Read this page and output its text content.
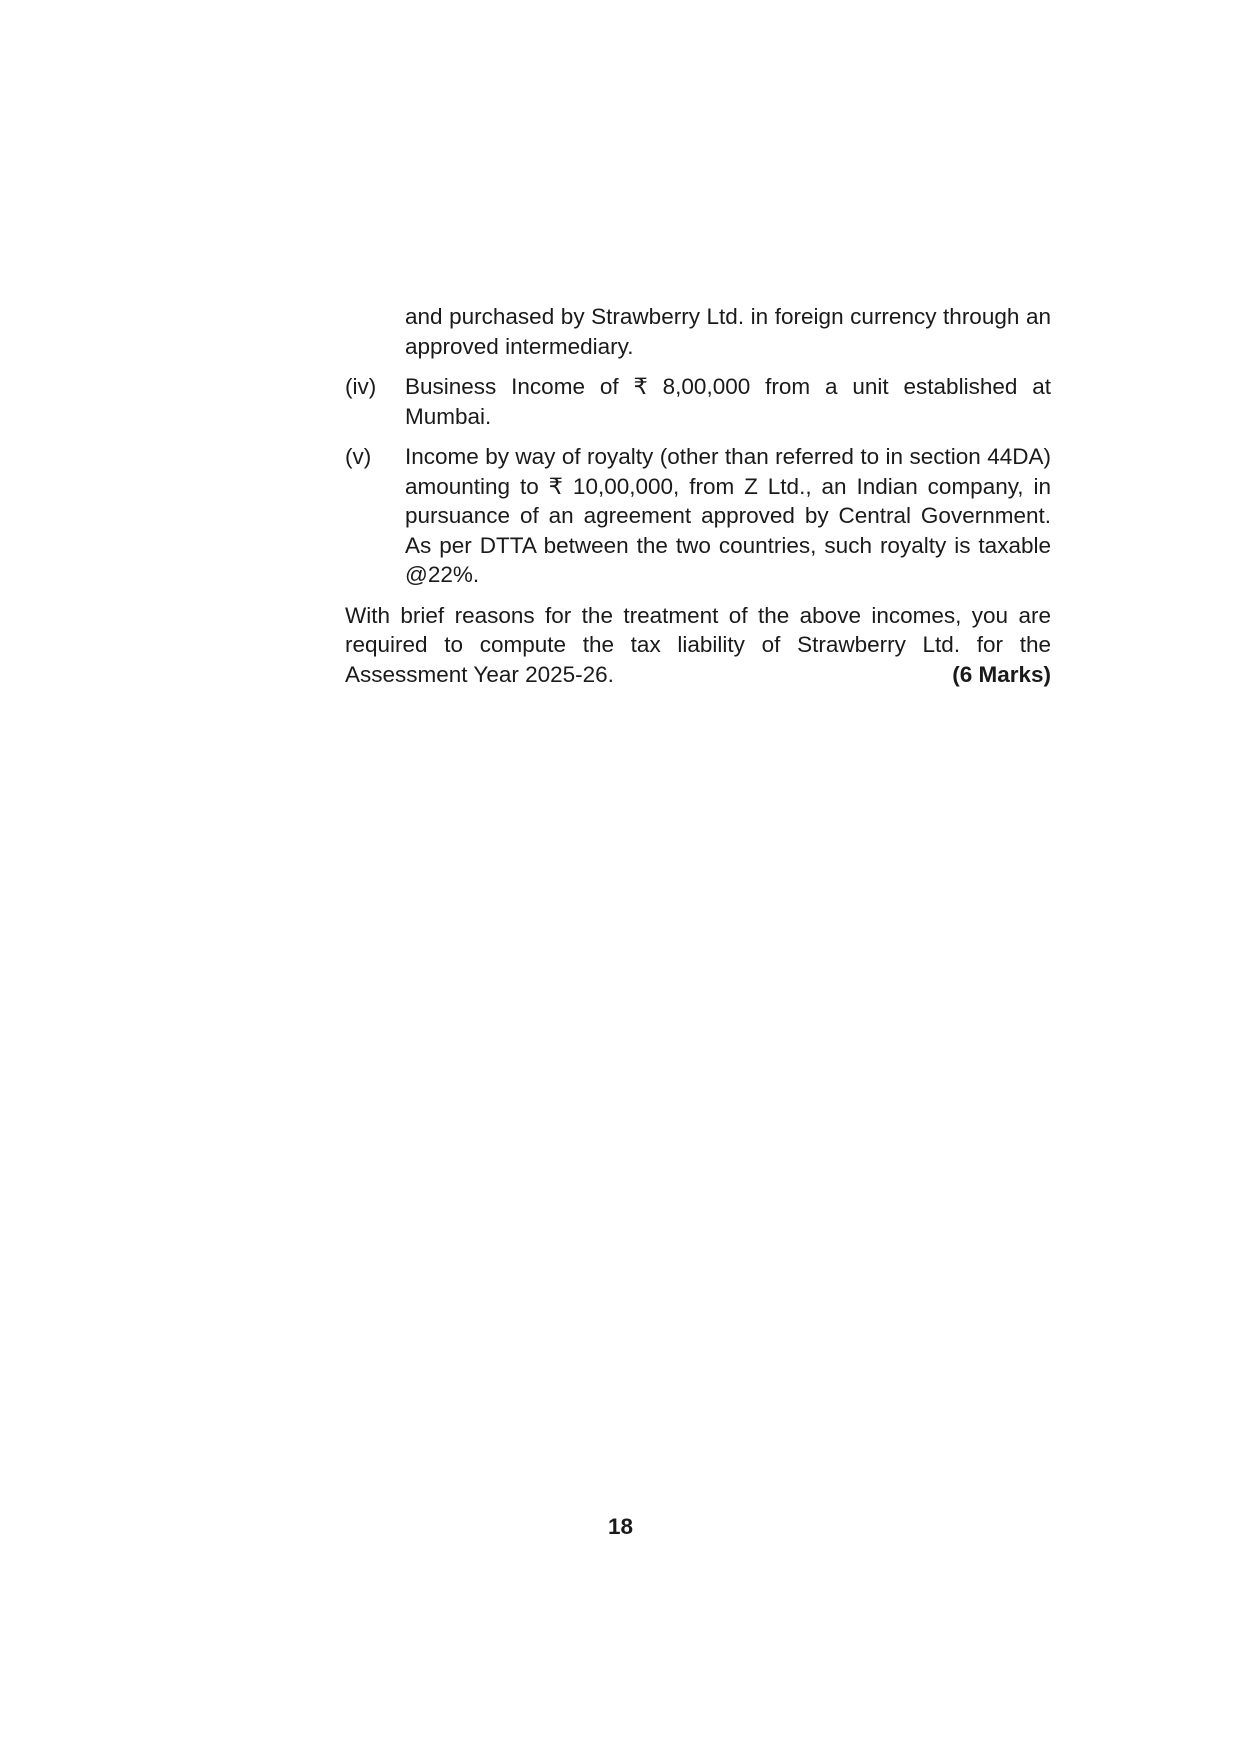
and purchased by Strawberry Ltd. in foreign currency through an approved intermediary.
(iv)	Business Income of ₹ 8,00,000 from a unit established at Mumbai.
(v)	Income by way of royalty (other than referred to in section 44DA) amounting to ₹ 10,00,000, from Z Ltd., an Indian company, in pursuance of an agreement approved by Central Government. As per DTTA between the two countries, such royalty is taxable @22%.
With brief reasons for the treatment of the above incomes, you are required to compute the tax liability of Strawberry Ltd. for the
Assessment Year 2025-26.	(6 Marks)
18
